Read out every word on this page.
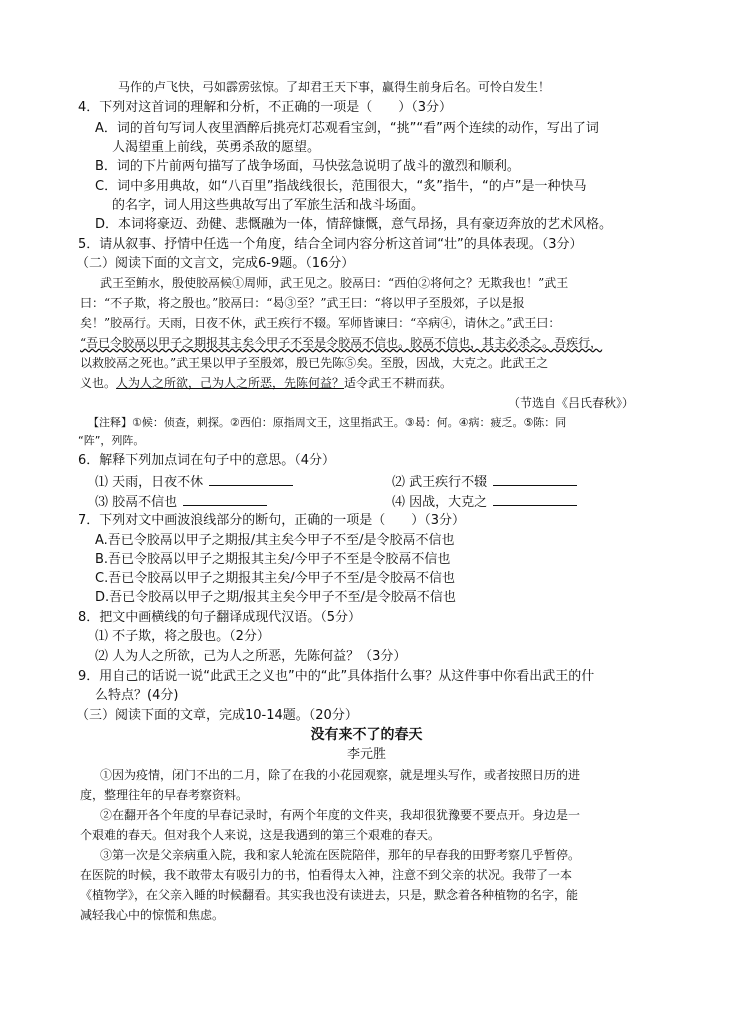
马作的卢飞快，弓如霹雳弦惊。了却君王天下事，赢得生前身后名。可怜白发生！
4．下列对这首词的理解和分析，不正确的一项是（　　）（3分）
A．词的首句写词人夜里酒醉后挑亮灯芯观看宝剑，“挑”“看”两个连续的动作，写出了词
人渴望重上前线，英勇杀敌的愿望。
B．词的下片前两句描写了战争场面，马快弦急说明了战斗的激烈和顺利。
C．词中多用典故，如“八百里”指战线很长，范围很大，“炙”指牛，“的卢”是一种快马
的名字，词人用这些典故写出了军旅生活和战斗场面。
D．本词将豪迈、劲健、悲慨融为一体，情辞慷慨，意气昂扬，具有豪迈奔放的艺术风格。
5．请从叙事、抒情中任选一个角度，结合全词内容分析这首词“壮”的具体表现。（3分）
（二）阅读下面的文言文，完成6-9题。（16分）
武王至鲔水，殷使胶鬲候①周师，武王见之。胶鬲曰：“西伯②将何之？无欺我也！”武王
曰：“不子欺，将之殷也。”胶鬲曰：“曷③至？”武王曰：“将以甲子至殷郊，子以是报
矣！”胶鬲行。天雨，日夜不休，武王疾行不辍。军师皆谏曰：“卒病④，请休之。”武王曰：
“吾已令胶鬲以甲子之期报其主矣今甲子不至是令胶鬲不信也。胶鬲不信也，其主必杀之。吾疾行，
以救胶鬲之死也。”武王果以甲子至殷郊，殷已先陈⑤矣。至殷，因战，大克之。此武王之
义也。人为人之所欲，己为人之所恶，先陈何益？适令武王不耕而获。
（节选自《吕氏春秋》）
【注释】①候：侦查，刺探。②西伯：原指周文王，这里指武王。③曷：何。④病：疲乏。⑤陈：同
“阵”，列阵。
6．解释下列加点词在句子中的意思。（4分）
⑴ 天雨，日夜不休	⑵ 武王疾行不辍
⑶ 胶鬲不信也	⑷ 因战，大克之
7．下列对文中画波浪线部分的断句，正确的一项是（　　）（3分）
A.吾已令胶鬲以甲子之期报/其主矣今甲子不至/是令胶鬲不信也
B.吾已令胶鬲以甲子之期报其主矣/今甲子不至是令胶鬲不信也
C.吾已令胶鬲以甲子之期报其主矣/今甲子不至/是令胶鬲不信也
D.吾已令胶鬲以甲子之期/报其主矣今甲子不至/是令胶鬲不信也
8．把文中画横线的句子翻译成现代汉语。（5分）
⑴ 不子欺，将之殷也。（2分）
⑵ 人为人之所欲，己为人之所恶，先陈何益？（3分）
9．用自己的话说一说“此武王之义也”中的“此”具体指什么事？从这件事中你看出武王的什
么特点？(4分)
（三）阅读下面的文章，完成10-14题。（20分）
没有来不了的春天
李元胜
①因为疫情，闭门不出的二月，除了在我的小花园观察，就是埋头写作，或者按照日历的进
度，整理往年的早春考察资料。
②在翻开各个年度的早春记录时，有两个年度的文件夹，我却很犹豫要不要点开。身边是一
个艰难的春天。但对我个人来说，这是我遇到的第三个艰难的春天。
③第一次是父亲病重入院，我和家人轮流在医院陪伴，那年的早春我的田野考察几乎暂停。
在医院的时候，我不敢带太有吸引力的书，怕看得太入神，注意不到父亲的状况。我带了一本
《植物学》，在父亲入睡的时候翻看。其实我也没有读进去，只是，默念着各种植物的名字，能
减轻我心中的惊慌和焦虑。
